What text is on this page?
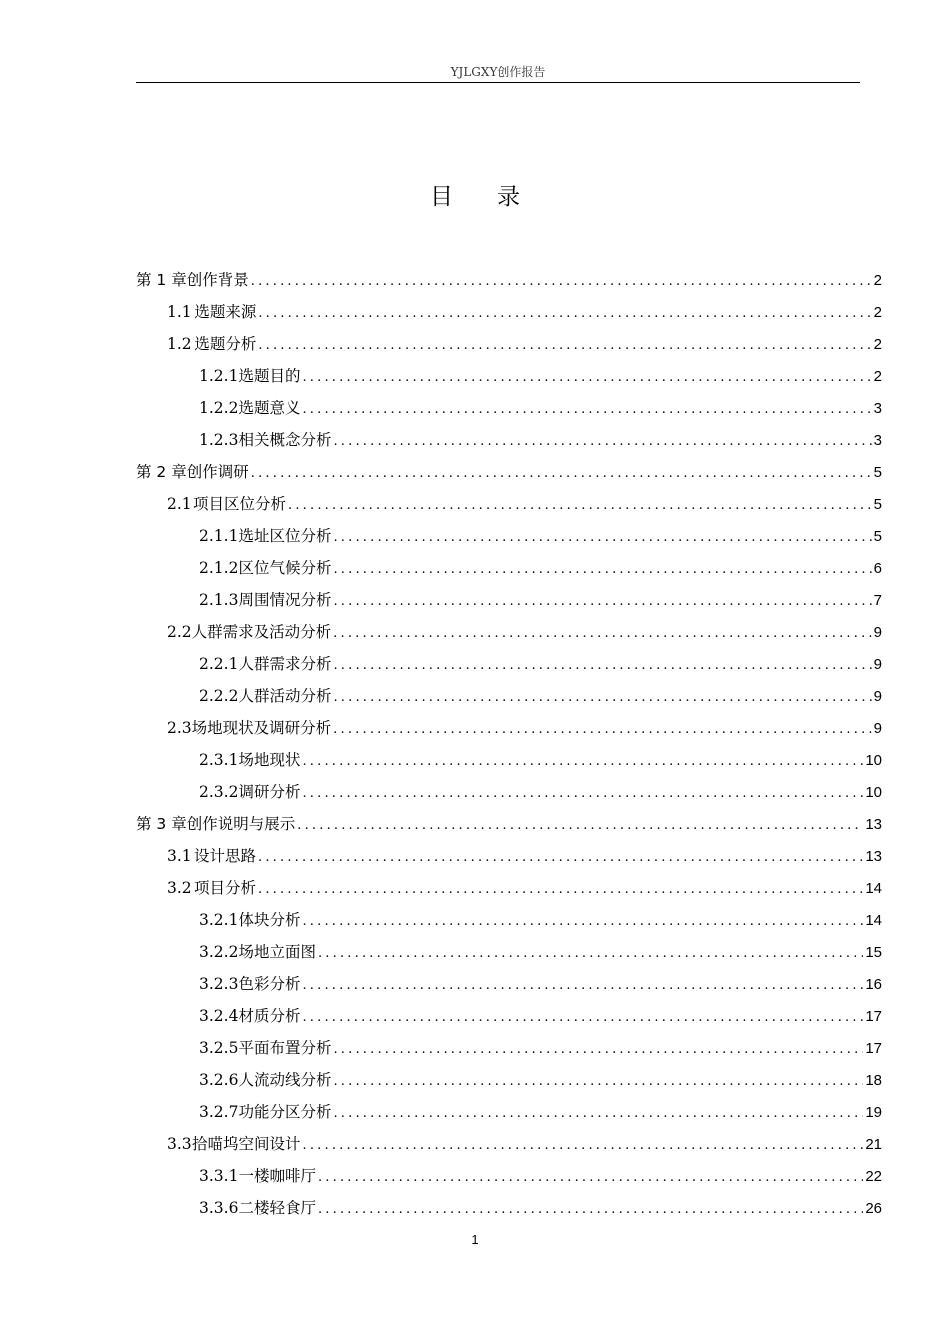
YJLGXY创作报告
目 录
第 1 章 创作背景 .....	2
1.1 选题来源 .....	2
1.2 选题分析 .....	2
1.2.1 选题目的 .....	2
1.2.2 选题意义 .....	3
1.2.3 相关概念分析 .....	3
第 2 章 创作调研 .....	5
2.1 项目区位分析 .....	5
2.1.1 选址区位分析 .....	5
2.1.2 区位气候分析 .....	6
2.1.3 周围情况分析 .....	7
2.2 人群需求及活动分析 .....	9
2.2.1 人群需求分析 .....	9
2.2.2 人群活动分析 .....	9
2.3 场地现状及调研分析 .....	9
2.3.1 场地现状 .....	10
2.3.2 调研分析 .....	10
第 3 章 创作说明与展示 .....	13
3.1 设计思路 .....	13
3.2 项目分析 .....	14
3.2.1 体块分析 .....	14
3.2.2 场地立面图 .....	15
3.2.3 色彩分析 .....	16
3.2.4 材质分析 .....	17
3.2.5 平面布置分析 .....	17
3.2.6 人流动线分析 .....	18
3.2.7 功能分区分析 .....	19
3.3 拾喵坞空间设计 .....	21
3.3.1 一楼咖啡厅 .....	22
3.3.6 二楼轻食厅 .....	26
1
